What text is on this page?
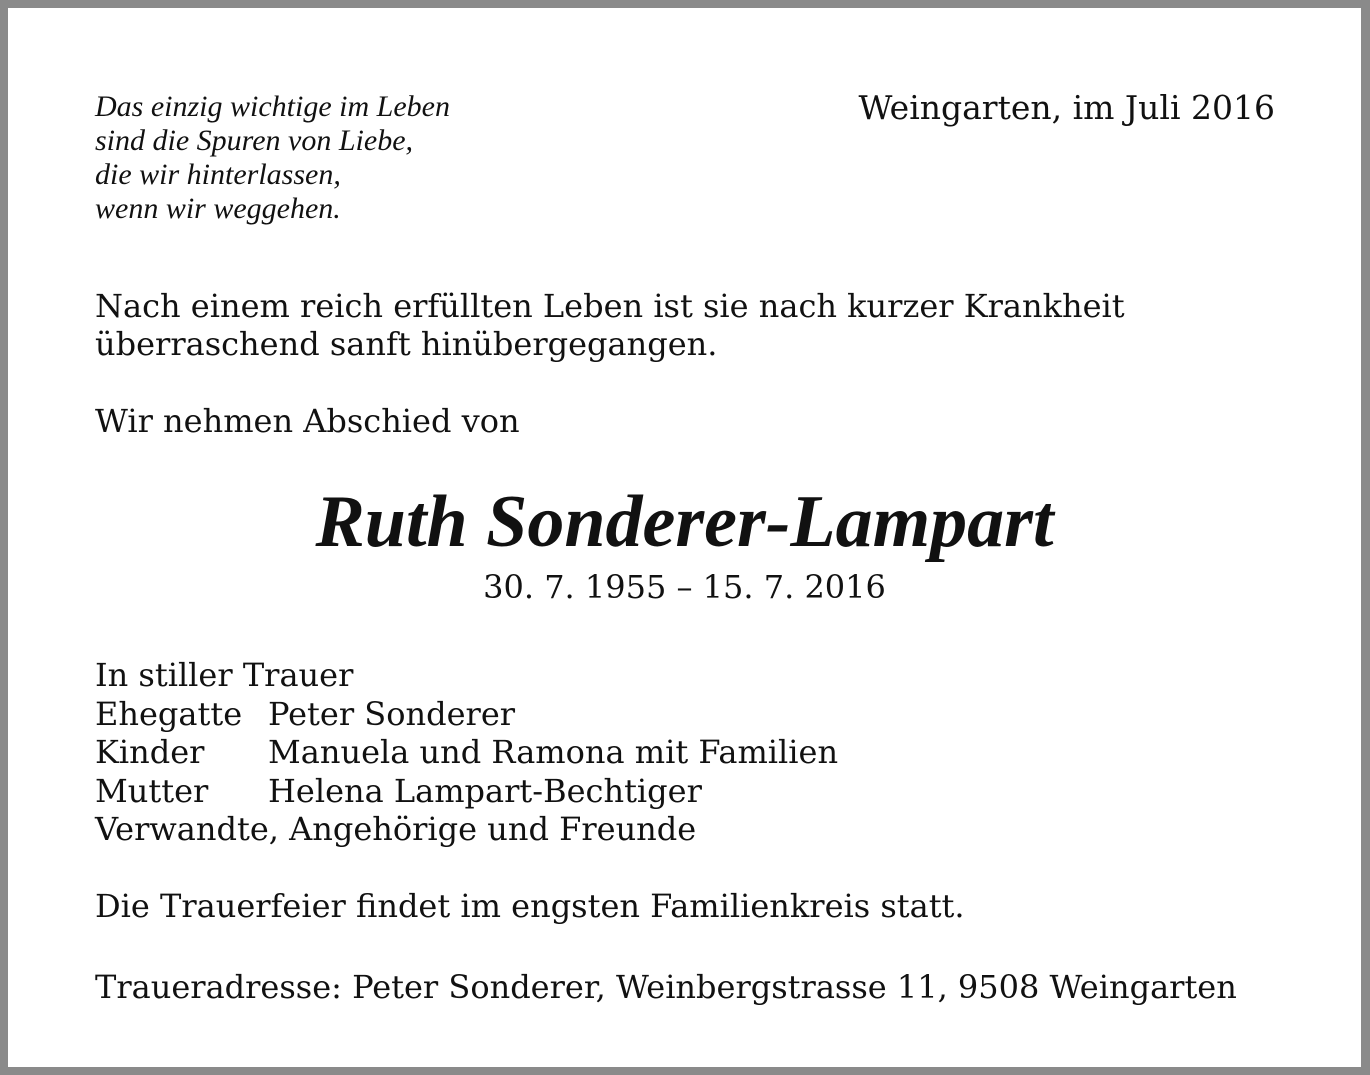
Das einzig wichtige im Leben
sind die Spuren von Liebe,
die wir hinterlassen,
wenn wir weggehen.
Weingarten, im Juli 2016
Nach einem reich erfüllten Leben ist sie nach kurzer Krankheit
überraschend sanft hinübergegangen.
Wir nehmen Abschied von
Ruth Sonderer-Lampart
30. 7. 1955 – 15. 7. 2016
In stiller Trauer
Ehegatte Peter Sonderer
Kinder Manuela und Ramona mit Familien
Mutter Helena Lampart-Bechtiger
Verwandte, Angehörige und Freunde
Die Trauerfeier findet im engsten Familienkreis statt.
Traueradresse: Peter Sonderer, Weinbergstrasse 11, 9508 Weingarten
